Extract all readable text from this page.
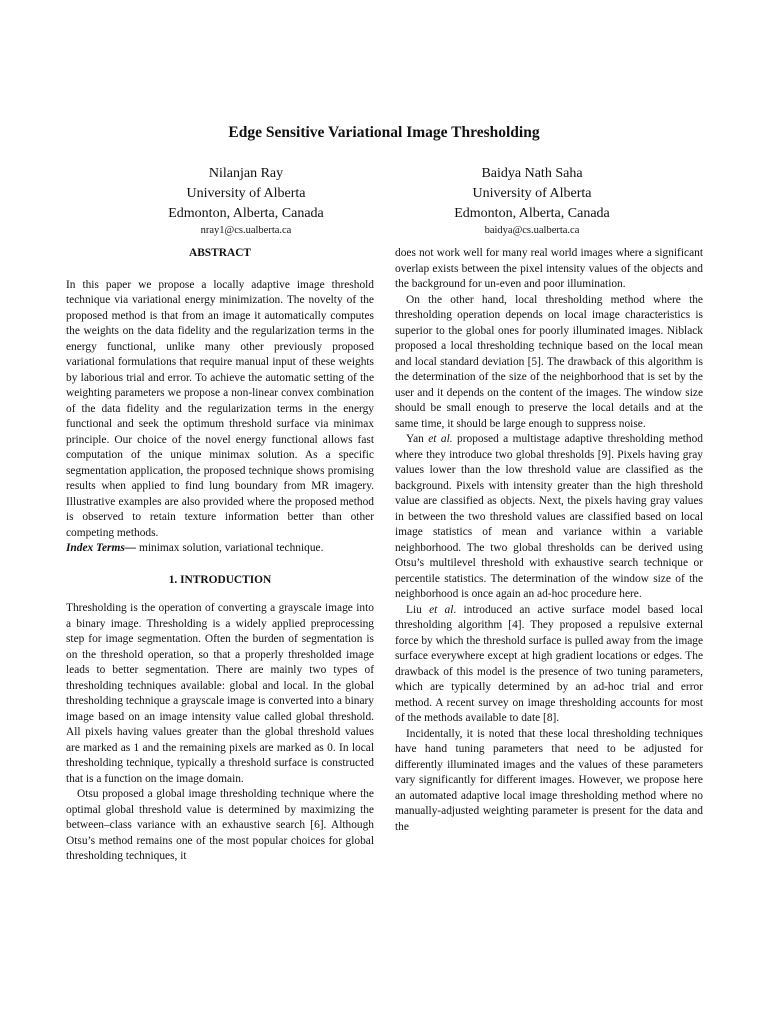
Edge Sensitive Variational Image Thresholding
Nilanjan Ray
University of Alberta
Edmonton, Alberta, Canada
nray1@cs.ualberta.ca
Baidya Nath Saha
University of Alberta
Edmonton, Alberta, Canada
baidya@cs.ualberta.ca
ABSTRACT

In this paper we propose a locally adaptive image threshold technique via variational energy minimization. The novelty of the proposed method is that from an image it automatically computes the weights on the data fidelity and the regularization terms in the energy functional, unlike many other previously proposed variational formulations that require manual input of these weights by laborious trial and error. To achieve the automatic setting of the weighting parameters we propose a non-linear convex combination of the data fidelity and the regularization terms in the energy functional and seek the optimum threshold surface via minimax principle. Our choice of the novel energy functional allows fast computation of the unique minimax solution. As a specific segmentation application, the proposed technique shows promising results when applied to find lung boundary from MR imagery. Illustrative examples are also provided where the proposed method is observed to retain texture information better than other competing methods.

Index Terms— minimax solution, variational technique.

1. INTRODUCTION

Thresholding is the operation of converting a grayscale image into a binary image. Thresholding is a widely applied preprocessing step for image segmentation. Often the burden of segmentation is on the threshold operation, so that a properly thresholded image leads to better segmentation. There are mainly two types of thresholding techniques available: global and local. In the global thresholding technique a grayscale image is converted into a binary image based on an image intensity value called global threshold. All pixels having values greater than the global threshold values are marked as 1 and the remaining pixels are marked as 0. In local thresholding technique, typically a threshold surface is constructed that is a function on the image domain.

Otsu proposed a global image thresholding technique where the optimal global threshold value is determined by maximizing the between–class variance with an exhaustive search [6]. Although Otsu’s method remains one of the most popular choices for global thresholding techniques, it

does not work well for many real world images where a significant overlap exists between the pixel intensity values of the objects and the background for un-even and poor illumination.

On the other hand, local thresholding method where the thresholding operation depends on local image characteristics is superior to the global ones for poorly illuminated images. Niblack proposed a local thresholding technique based on the local mean and local standard deviation [5]. The drawback of this algorithm is the determination of the size of the neighborhood that is set by the user and it depends on the content of the images. The window size should be small enough to preserve the local details and at the same time, it should be large enough to suppress noise.

Yan et al. proposed a multistage adaptive thresholding method where they introduce two global thresholds [9]. Pixels having gray values lower than the low threshold value are classified as the background. Pixels with intensity greater than the high threshold value are classified as objects. Next, the pixels having gray values in between the two threshold values are classified based on local image statistics of mean and variance within a variable neighborhood. The two global thresholds can be derived using Otsu’s multilevel threshold with exhaustive search technique or percentile statistics. The determination of the window size of the neighborhood is once again an ad-hoc procedure here.

Liu et al. introduced an active surface model based local thresholding algorithm [4]. They proposed a repulsive external force by which the threshold surface is pulled away from the image surface everywhere except at high gradient locations or edges. The drawback of this model is the presence of two tuning parameters, which are typically determined by an ad-hoc trial and error method. A recent survey on image thresholding accounts for most of the methods available to date [8].

Incidentally, it is noted that these local thresholding techniques have hand tuning parameters that need to be adjusted for differently illuminated images and the values of these parameters vary significantly for different images. However, we propose here an automated adaptive local image thresholding method where no manually-adjusted weighting parameter is present for the data and the
